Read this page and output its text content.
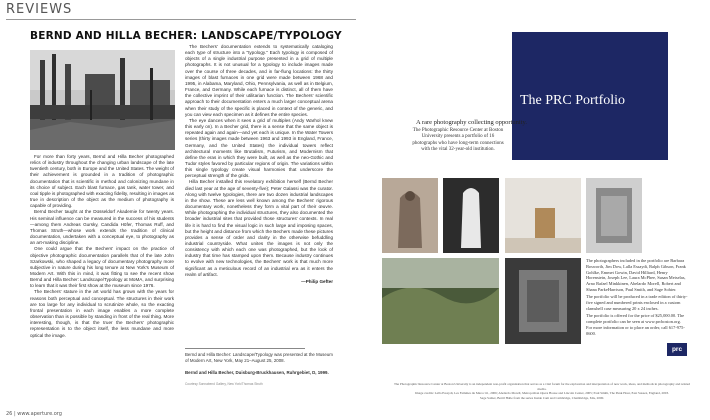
REVIEWS
BERND AND HILLA BECHER: LANDSCAPE/TYPOLOGY

For more than forty years, Bernd and Hilla Becher photographed relics of industry throughout the changing urban landscape of the late twentieth century, both in Europe and the United States. The weight of their achievement is grounded in a tradition of photographic documentation that is scientific in method and colonizing mundane in its choice of subject. Each blast furnace, gas tank, water tower, and coal tipple is photographed with exacting fidelity, resulting in images as true in description of the object as the medium of photography is capable of providing.

Bernd Becher taught at the Düsseldorf Akademie for twenty years. His seminal influence can be measured in the success of his students—among them Andreas Gursky, Candida Höfer, Thomas Ruff, and Thomas Struth—whose work extends the tradition of clinical documentation, undertaken with a conceptual eye, to photography as an art-making discipline.

One could argue that the Bechers' impact on the practice of objective photographic documentation parallels that of the late John Szarkowski, who shaped a legacy of documentary photography more subjective in nature during his long tenure at New York's Museum of Modern Art. With this in mind, it was fitting to see the recent show Bernd and Hilla Becher: Landscape/Typology at MoMA, and surprising to learn that it was their first show at the museum since 1976.

The Bechers' stature in the art world has grown with the years for reasons both perceptual and conceptual. The structures in their work are too large for any individual to scrutinize whole, so the exacting frontal presentation in each image enables a more complete observation than is possible by standing in front of the real thing. More interesting, though, is that the truer the Bechers' photographic representation is to the object itself, the less mundane and more optical the image.

The Bechers' documentation extends to systematically cataloging each type of structure into a "typology." Each typology is composed of objects of a single industrial purpose presented in a grid of multiple photographs. It is not unusual for a typology to include images made over the course of three decades, and in far-flung locations: the thirty images of blast furnaces in one grid were made between 1968 and 1995, in Alabama, Maryland, Ohio, Pennsylvania, as well as in Belgium, France, and Germany. While each furnace is distinct, all of them have the collective imprint of their utilitarian function. The Bechers' scientific approach to their documentation enters a much larger conceptual arena when their study of the specific is placed in context of the generic, and you can view each specimen as it defines the entire species.

The eye dances when it sees a grid of multiples (Andy Warhol knew this early on). In a Becher grid, there is a sense that the same object is repeated again and again—and yet each is unique. In the Water Towers series (thirty images made between 1963 and 1993 in England, France, Germany, and the United States) the individual towers reflect architectural moments like Brutalism, Futurism, and Modernism that define the eras in which they were built, as well as the neo-Gothic and Tudor styles favored by particular regions of origin. The variations within this single typology create visual harmonies that underscore the perceptual strength of the grids.

Hilla Becher installed this revelatory exhibition herself (Bernd Becher died last year at the age of seventy-five); Peter Galassi was the curator. Along with twelve typologies, there are two dozen industrial landscapes in the show. These are less well known among the Bechers' rigorous documentary work, nonetheless they form a vital part of their œuvre. While photographing the individual structures, they also documented the broader industrial sites that provided those structures' contexts. In real life it is hard to find the visual logic in such large and imposing spaces, but the height and distance from which the Bechers made these pictures provides a sense of order and clarity in the otherwise befuddling industrial countryside. What unites the images is not only the consistency with which each one was photographed, but the look of industry that time has stamped upon them. Because industry continues to evolve with new technologies, the Bechers' work is that much more significant as a meticulous record of an industrial era as it enters the realm of artifact.

—Philip Gefter

Bernd and Hilla Becher: Landscape/Typology was presented at the Museum of Modern Art, New York, May 21–August 25, 2008.
Bernd and Hilla Becher, Duisburg-Bruckhausen, Ruhrgebiet, D, 1999.
Courtesy Sonnabend Gallery, New York/Thomas Struth
26 | www.aperture.org
The PRC Portfolio
A rare photography collecting opportunity.
The Photographic Resource Center at Boston University presents a portfolio of 16 photographs who have long-term connections with the vital 32-year-old institution.

The photographers included in the portfolio are Barbara Bosworth, Jim Dow, Lalla Essaydi, Ralph Gibson, Frank Gohlke, Emmet Gowin, David Hilliard, Henry Horenstein, Joseph Lee, Laura McPhee, Susan Meiselas, Arno Rafael Minkkinen, Abelardo Morell, Robert and Shana ParkeHarrison, Paul Smith, and Sage Sohier.

The portfolio will be produced in a trade edition of thirty-five signed and numbered prints enclosed in a custom clamshell case measuring 20 x 24 inches.

The portfolio is offered for the price of $25,000.00. The complete portfolio can be seen at www.prcboston.org. For more information or to place an order, call 617-975-0600.

prc
The Photographic Resource Center at Boston University is an independent non-profit organization that serves as a vital forum for the exploration and interpretation of new work, ideas, and methods in photography and related media.
Image credits: Lalla Essaydi, Les Femmes du Maroc #1, 2006; Abelardo Morell, Metropolitan Opera House and Lincoln Center, 2005; Paul Smith, The Punk Hour, East Sussex, England, 2003.
Sage Sohier, Bertil Halle from the series Inside Cam and Cambridge, Chambridge, MA, 2000.
